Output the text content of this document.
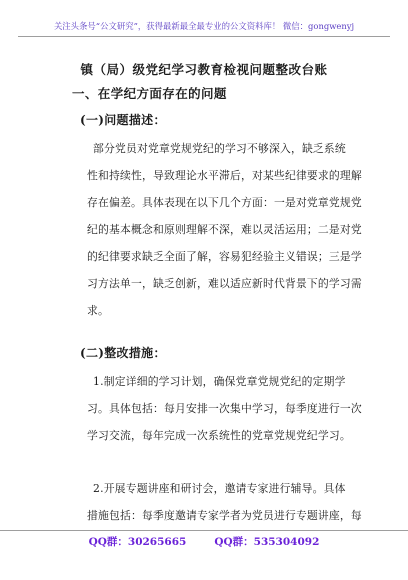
关注头条号“公文研究”，获得最新最全最专业的公文资料库！ 微信：gongwenyj
镇（局）级党纪学习教育检视问题整改台账
一、在学纪方面存在的问题
(一)问题描述：
部分党员对党章党规党纪的学习不够深入，缺乏系统
性和持续性，导致理论水平滞后，对某些纪律要求的理解
存在偏差。具体表现在以下几个方面：一是对党章党规党
纪的基本概念和原则理解不深，难以灵活运用；二是对党
的纪律要求缺乏全面了解，容易犯经验主义错误；三是学
习方法单一，缺乏创新，难以适应新时代背景下的学习需
求。
(二)整改措施：
1.制定详细的学习计划，确保党章党规党纪的定期学
习。具体包括：每月安排一次集中学习，每季度进行一次
学习交流，每年完成一次系统性的党章党规党纪学习。
2.开展专题讲座和研讨会，邀请专家进行辅导。具体
措施包括：每季度邀请专家学者为党员进行专题讲座，每
QQ群：30265665	QQ群：535304092
